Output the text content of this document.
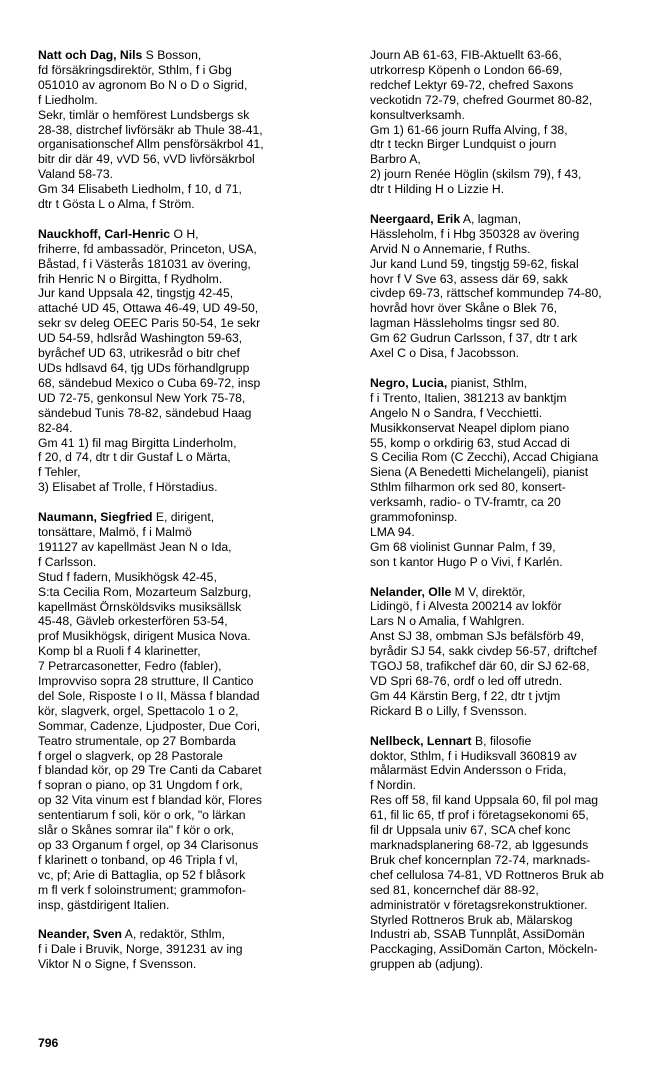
Natt och Dag, Nils S Bosson,
fd försäkringsdirektör, Sthlm, f i Gbg
051010 av agronom Bo N o D o Sigrid,
f Liedholm.
Sekr, timlär o hemförest Lundsbergs sk
28-38, distrchef livförsäkr ab Thule 38-41,
organisationschef Allm pensförsäkrbol 41,
bitr dir där 49, vVD 56, vVD livförsäkrbol
Valand 58-73.
Gm 34 Elisabeth Liedholm, f 10, d 71,
dtr t Gösta L o Alma, f Ström.
Nauckhoff, Carl-Henric O H,
friherre, fd ambassadör, Princeton, USA,
Båstad, f i Västerås 181031 av övering,
frih Henric N o Birgitta, f Rydholm.
Jur kand Uppsala 42, tingstjg 42-45,
attaché UD 45, Ottawa 46-49, UD 49-50,
sekr sv deleg OEEC Paris 50-54, 1e sekr
UD 54-59, hdlsråd Washington 59-63,
byråchef UD 63, utrikesråd o bitr chef
UDs hdlsavd 64, tjg UDs förhandlgrupp
68, sändebud Mexico o Cuba 69-72, insp
UD 72-75, genkonsul New York 75-78,
sändebud Tunis 78-82, sändebud Haag
82-84.
Gm 41 1) fil mag Birgitta Linderholm,
f 20, d 74, dtr t dir Gustaf L o Märta,
f Tehler,
3) Elisabet af Trolle, f Hörstadius.
Naumann, Siegfried E, dirigent,
tonsättare, Malmö, f i Malmö
191127 av kapellmäst Jean N o Ida,
f Carlsson.
Stud f fadern, Musikhögsk 42-45,
S:ta Cecilia Rom, Mozarteum Salzburg,
kapellmäst Örnsköldsviks musiksällsk
45-48, Gävleb orkesterfören 53-54,
prof Musikhögsk, dirigent Musica Nova.
Komp bl a Ruoli f 4 klarinetter,
7 Petrarcasonetter, Fedro (fabler),
Improvviso sopra 28 strutture, Il Cantico
del Sole, Risposte I o II, Mässa f blandad
kör, slagverk, orgel, Spettacolo 1 o 2,
Sommar, Cadenze, Ljudposter, Due Cori,
Teatro strumentale, op 27 Bombarda
f orgel o slagverk, op 28 Pastorale
f blandad kör, op 29 Tre Canti da Cabaret
f sopran o piano, op 31 Ungdom f ork,
op 32 Vita vinum est f blandad kör, Flores
sententiarum f soli, kör o ork, "o lärkan
slår o Skånes somrar ila" f kör o ork,
op 33 Organum f orgel, op 34 Clarisonus
f klarinett o tonband, op 46 Tripla f vl,
vc, pf; Arie di Battaglia, op 52 f blåsork
m fl verk f soloinstrument; grammofon-
insp, gästdirigent Italien.
Neander, Sven A, redaktör, Sthlm,
f i Dale i Bruvik, Norge, 391231 av ing
Viktor N o Signe, f Svensson.
Journ AB 61-63, FIB-Aktuellt 63-66,
utrkorresp Köpenh o London 66-69,
redchef Lektyr 69-72, chefred Saxons
veckotidn 72-79, chefred Gourmet 80-82,
konsultverksamh.
Gm 1) 61-66 journ Ruffa Alving, f 38,
dtr t teckn Birger Lundquist o journ
Barbro A,
2) journ Renée Höglin (skilsm 79), f 43,
dtr t Hilding H o Lizzie H.
Neergaard, Erik A, lagman,
Hässleholm, f i Hbg 350328 av övering
Arvid N o Annemarie, f Ruths.
Jur kand Lund 59, tingstjg 59-62, fiskal
hovr f V Sve 63, assess där 69, sakk
civdep 69-73, rättschef kommundep 74-80,
hovråd hovr över Skåne o Blek 76,
lagman Hässleholms tingsr sed 80.
Gm 62 Gudrun Carlsson, f 37, dtr t ark
Axel C o Disa, f Jacobsson.
Negro, Lucia, pianist, Sthlm,
f i Trento, Italien, 381213 av banktjm
Angelo N o Sandra, f Vecchietti.
Musikkonservat Neapel diplom piano
55, komp o orkdirig 63, stud Accad di
S Cecilia Rom (C Zecchi), Accad Chigiana
Siena (A Benedetti Michelangeli), pianist
Sthlm filharmon ork sed 80, konsert-
verksamh, radio- o TV-framtr, ca 20
grammofoninsp.
LMA 94.
Gm 68 violinist Gunnar Palm, f 39,
son t kantor Hugo P o Vivi, f Karlén.
Nelander, Olle M V, direktör,
Lidingö, f i Alvesta 200214 av lokför
Lars N o Amalia, f Wahlgren.
Anst SJ 38, ombman SJs befälsförb 49,
byrådir SJ 54, sakk civdep 56-57, driftchef
TGOJ 58, trafikchef där 60, dir SJ 62-68,
VD Spri 68-76, ordf o led off utredn.
Gm 44 Kärstin Berg, f 22, dtr t jvtjm
Rickard B o Lilly, f Svensson.
Nellbeck, Lennart B, filosofie
doktor, Sthlm, f i Hudiksvall 360819 av
målarmäst Edvin Andersson o Frida,
f Nordin.
Res off 58, fil kand Uppsala 60, fil pol mag
61, fil lic 65, tf prof i företagsekonomi 65,
fil dr Uppsala univ 67, SCA chef konc
marknadsplanering 68-72, ab Iggesunds
Bruk chef koncernplan 72-74, marknads-
chef cellulosa 74-81, VD Rottneros Bruk ab
sed 81, koncernchef där 88-92,
administratör v företagsrekonstruktioner.
Styrled Rottneros Bruk ab, Mälarskog
Industri ab, SSAB Tunnplåt, AssiDomän
Pacckaging, AssiDomän Carton, Möckeln-
gruppen ab (adjung).
796
